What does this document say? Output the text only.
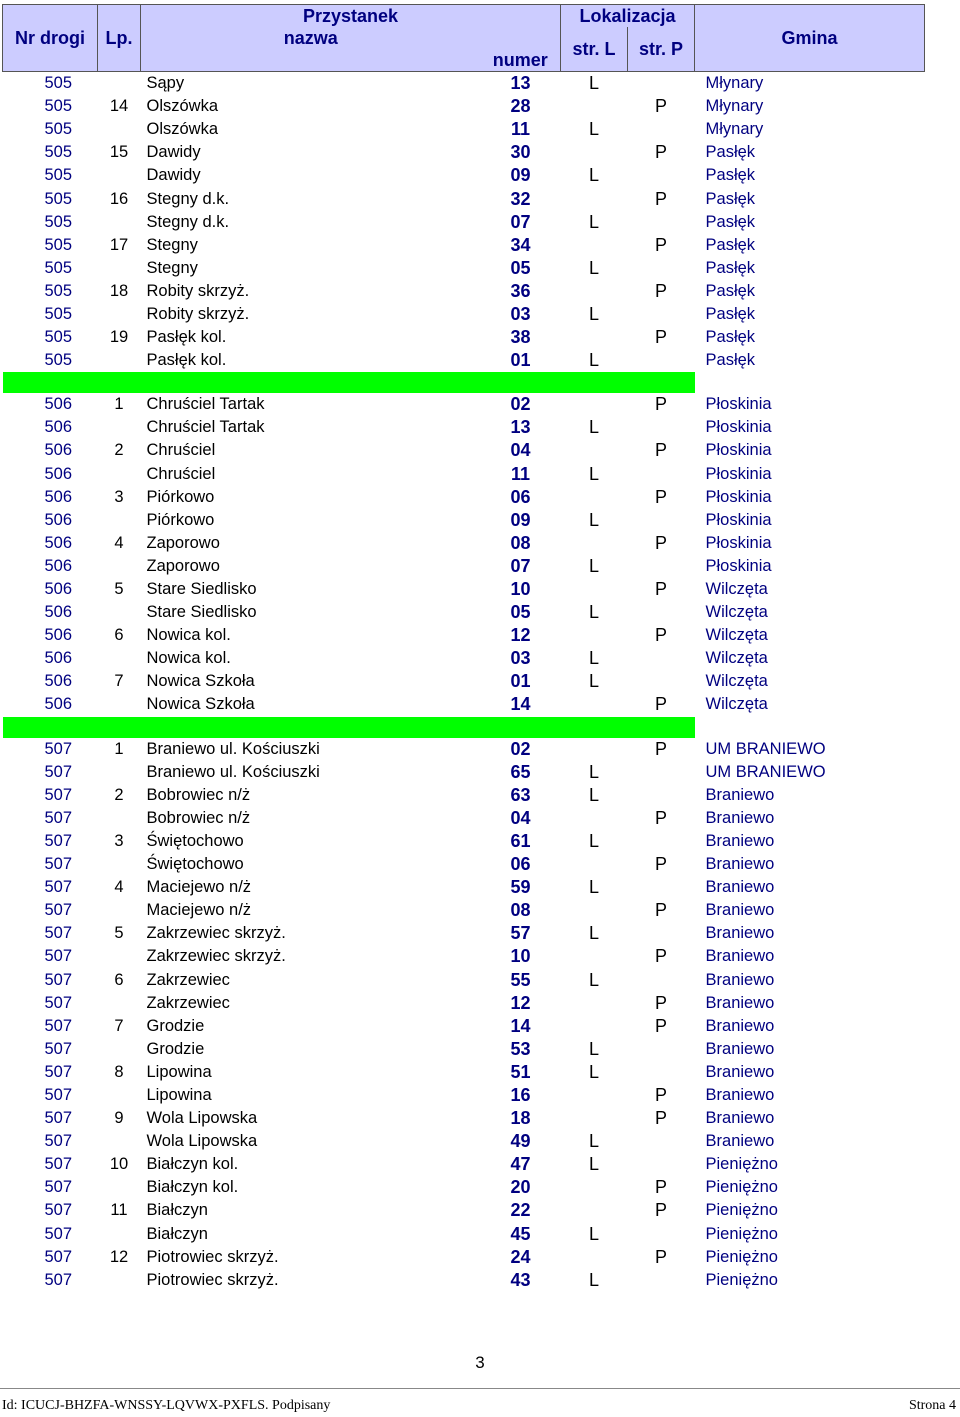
Nr drogi	Lp.	Przystanek		Lokalizacja		Gmina
		nazwa	numer	str. L	str. P	
505		Sąpy	13	L		Młynary
505	14	Olszówka	28		P	Młynary
505		Olszówka	11	L		Młynary
505	15	Dawidy	30		P	Pasłęk
505		Dawidy	09	L		Pasłęk
505	16	Stegny d.k.	32		P	Pasłęk
505		Stegny d.k.	07	L		Pasłęk
505	17	Stegny	34		P	Pasłęk
505		Stegny	05	L		Pasłęk
505	18	Robity skrzyż.	36		P	Pasłęk
505		Robity skrzyż.	03	L		Pasłęk
505	19	Pasłęk kol.	38		P	Pasłęk
505		Pasłęk kol.	01	L		Pasłęk

506	1	Chruściel Tartak	02		P	Płoskinia
506		Chruściel Tartak	13	L		Płoskinia
506	2	Chruściel	04		P	Płoskinia
506		Chruściel	11	L		Płoskinia
506	3	Piórkowo	06		P	Płoskinia
506		Piórkowo	09	L		Płoskinia
506	4	Zaporowo	08		P	Płoskinia
506		Zaporowo	07	L		Płoskinia
506	5	Stare Siedlisko	10		P	Wilczęta
506		Stare Siedlisko	05	L		Wilczęta
506	6	Nowica kol.	12		P	Wilczęta
506		Nowica kol.	03	L		Wilczęta
506	7	Nowica Szkoła	01	L		Wilczęta
506		Nowica Szkoła	14		P	Wilczęta

507	1	Braniewo ul. Kościuszki	02		P	UM BRANIEWO
507		Braniewo ul. Kościuszki	65	L		UM BRANIEWO
507	2	Bobrowiec n/ż	63	L		Braniewo
507		Bobrowiec n/ż	04		P	Braniewo
507	3	Świętochowo	61	L		Braniewo
507		Świętochowo	06		P	Braniewo
507	4	Maciejewo n/ż	59	L		Braniewo
507		Maciejewo n/ż	08		P	Braniewo
507	5	Zakrzewiec skrzyż.	57	L		Braniewo
507		Zakrzewiec skrzyż.	10		P	Braniewo
507	6	Zakrzewiec	55	L		Braniewo
507		Zakrzewiec	12		P	Braniewo
507	7	Grodzie	14		P	Braniewo
507		Grodzie	53	L		Braniewo
507	8	Lipowina	51	L		Braniewo
507		Lipowina	16		P	Braniewo
507	9	Wola Lipowska	18		P	Braniewo
507		Wola Lipowska	49	L		Braniewo
507	10	Białczyn kol.	47	L		Pieniężno
507		Białczyn kol.	20		P	Pieniężno
507	11	Białczyn	22		P	Pieniężno
507		Białczyn	45	L		Pieniężno
507	12	Piotrowiec skrzyż.	24		P	Pieniężno
507		Piotrowiec skrzyż.	43	L		Pieniężno
3
Id: ICUCJ-BHZFA-WNSSY-LQVWX-PXFLS. Podpisany	Strona 4
